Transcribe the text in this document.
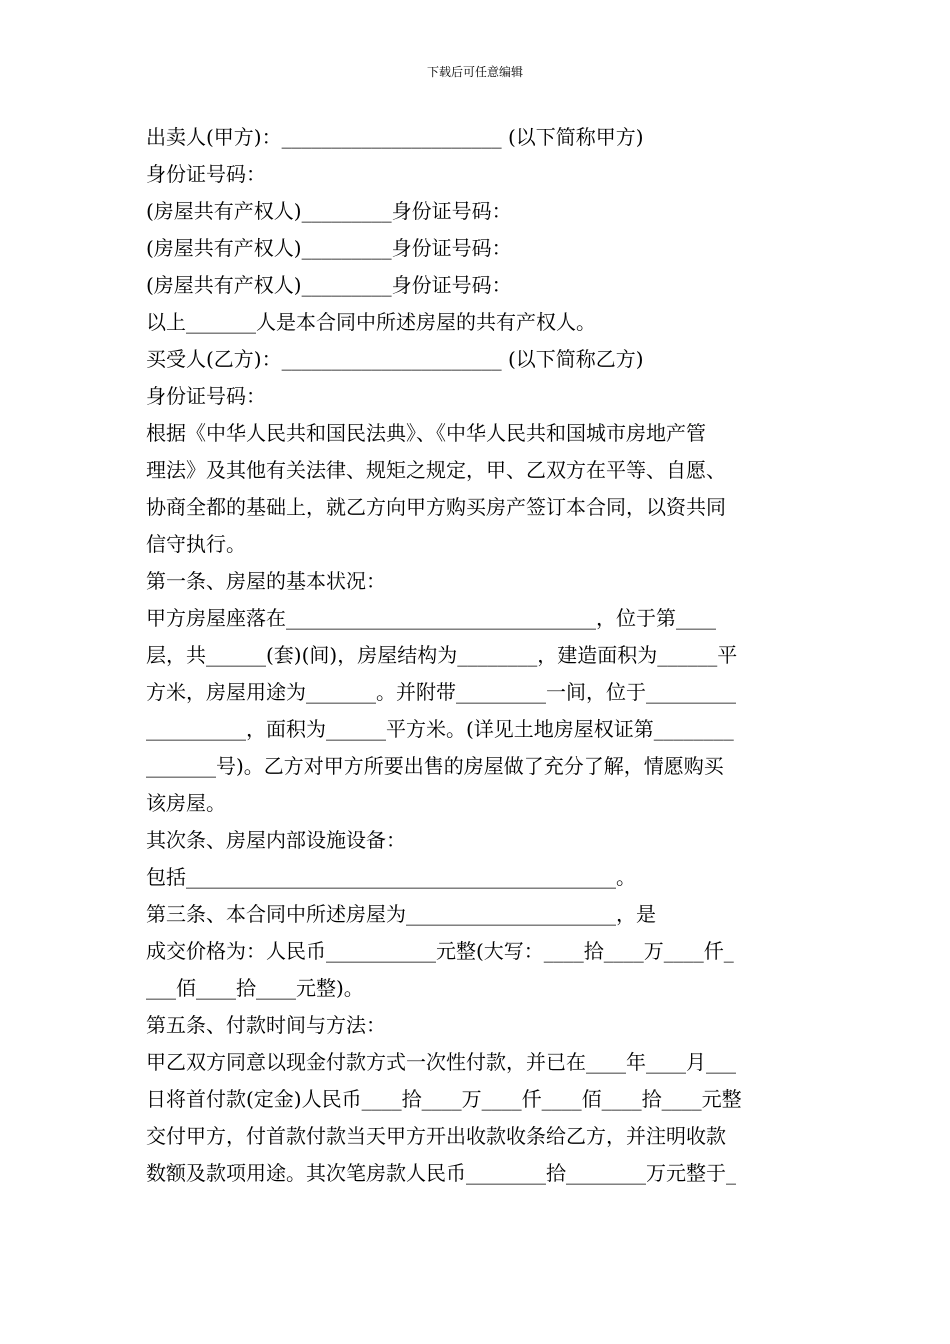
下载后可任意编辑
出卖人(甲方)：______________________ (以下简称甲方)
身份证号码：
(房屋共有产权人)_________身份证号码：
(房屋共有产权人)_________身份证号码：
(房屋共有产权人)_________身份证号码：
以上_______人是本合同中所述房屋的共有产权人。
买受人(乙方)：______________________ (以下简称乙方)
身份证号码：
根据《中华人民共和国民法典》、《中华人民共和国城市房地产管
理法》及其他有关法律、规矩之规定，甲、乙双方在平等、自愿、
协商全都的基础上，就乙方向甲方购买房产签订本合同，以资共同
信守执行。
第一条、房屋的基本状况：
甲方房屋座落在_______________________________，位于第____
层，共______(套)(间)，房屋结构为________，建造面积为______平
方米，房屋用途为_______。并附带_________一间，位于_________
__________，面积为______平方米。(详见土地房屋权证第________
_______号)。乙方对甲方所要出售的房屋做了充分了解，情愿购买
该房屋。
其次条、房屋内部设施设备：
包括___________________________________________。
第三条、本合同中所述房屋为_____________________，是
成交价格为：人民币___________元整(大写：____拾____万____仟_
___佰____拾____元整)。
第五条、付款时间与方法：
甲乙双方同意以现金付款方式一次性付款，并已在____年____月___
日将首付款(定金)人民币____拾____万____仟____佰____拾____元整
交付甲方，付首款付款当天甲方开出收款收条给乙方，并注明收款
数额及款项用途。其次笔房款人民币________拾________万元整于_
